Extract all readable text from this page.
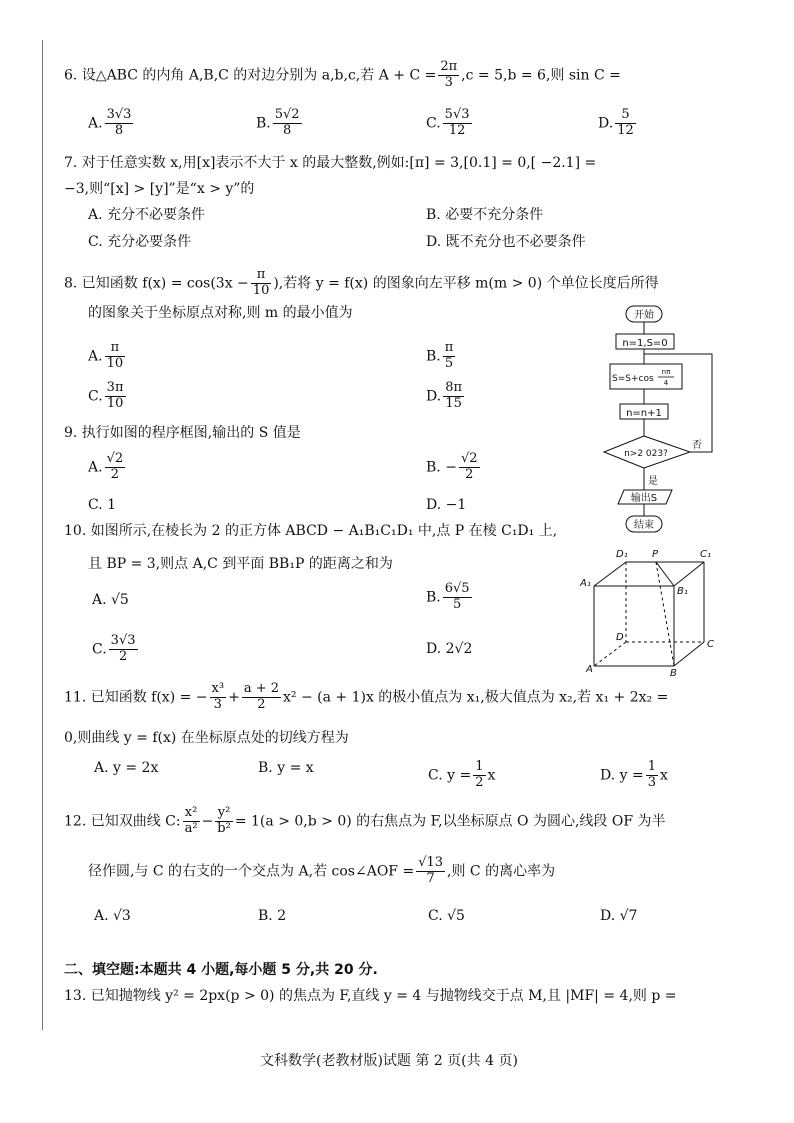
6. 设△ABC 的内角 A,B,C 的对边分别为 a,b,c,若 $A + C = \frac{2\pi}{3} ,c = 5,b = 6$,则 sin C =
A. $\frac{3√3}{8}$	B. $\frac{5√2}{8}$	C. $\frac{5√3}{12}$	D. $\frac{5}{12}$
7. 对于任意实数 x,用[x]表示不大于 x 的最大整数,例如:[π] = 3,[0.1] = 0,[ −2.1] =
−3,则“[x] > [y]”是“x > y”的
A. 充分不必要条件	B. 必要不充分条件
C. 充分必要条件	D. 既不充分也不必要条件
8. 已知函数 $f(x) = \cos(3x - \frac{\pi}{10}$ ),若将 y = f(x) 的图象向左平移 m(m > 0) 个单位长度后所得
的图象关于坐标原点对称,则 m 的最小值为
A. $\frac{\pi}{10}$	B. $\frac{\pi}{5}$
C. $\frac{3\pi}{10}$	D. $\frac{8\pi}{15}$
9. 执行如图的程序框图,输出的 S 值是
A. $\frac{√2}{2}$	B. − $\frac{√2}{2}$
C. 1	D. −1
开始
n=1,S=0
S=S+cos
nπ
4
n=n+1
n>2 023?
否
是
输出S
结束
10. 如图所示,在棱长为 2 的正方体 ABCD − A₁B₁C₁D₁ 中,点 P 在棱 C₁D₁ 上,
且 BP = 3,则点 A,C 到平面 BB₁P 的距离之和为
A. √5	B. $\frac{6√5}{5}$
C. $\frac{3√3}{2}$	D. 2√2
D₁ P	C₁
A₁
B₁
D
C
A	B
11. 已知函数 f(x) = − $\frac{\text{x³}}{3} + \frac{a + 2}{2} x^2 - (a + 1)x$ 的极小值点为 x₁,极大值点为 x₂,若 x₁ + 2x₂ =
0,则曲线 y = f(x) 在坐标原点处的切线方程为
A. y = 2x	B. y = x	C. $y = \frac{1}{2}$ x	D. $y = \frac{1}{3}$ x
12. 已知双曲线 C: $\frac{\text{x²}}{\text{a²}} - \frac{\text{y²}}{\text{b²}} = 1(a > 0,b > 0)$ 的右焦点为 F,以坐标原点 O 为圆心,线段 OF 为半
径作圆,与 C 的右支的一个交点为 A,若 cos∠AOF = $\frac{√13}{7}$ ,则 C 的离心率为
A. √3	B. 2	C. √5	D. √7
二、填空题:本题共 4 小题,每小题 5 分,共 20 分.
13. 已知抛物线 y² = 2px(p > 0) 的焦点为 F,直线 y = 4 与抛物线交于点 M,且 |MF| = 4,则 p =
文科数学(老教材版)试题 第 2 页(共 4 页)
